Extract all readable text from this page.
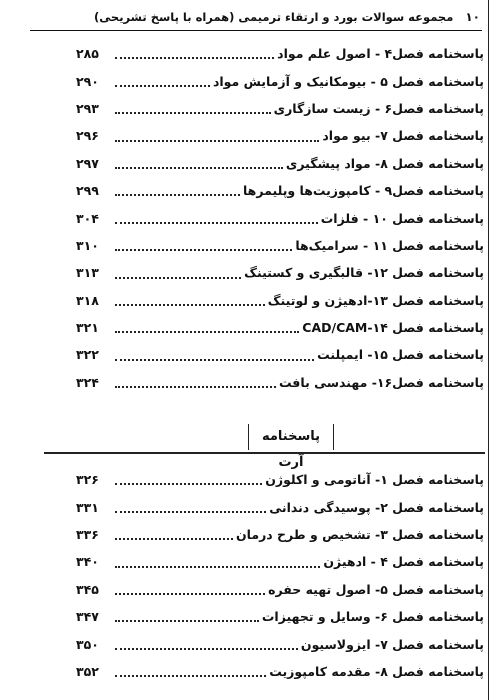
۱۰
مجموعه سوالات بورد و ارتقاء ترمیمی (همراه با پاسخ تشریحی)
پاسخنامه فصل۴ - اصول علم مواد
۲۸۵
پاسخنامه فصل ۵ - بیومکانیک و آزمایش مواد
۲۹۰
پاسخنامه فصل۶ - زیست سازگاری
۲۹۳
پاسخنامه فصل ۷- بیو مواد
۲۹۶
پاسخنامه فصل ۸- مواد پیشگیری
۲۹۷
پاسخنامه فصل۹ - کامپوزیت‌ها وپلیمرها
۲۹۹
پاسخنامه فصل ۱۰ - فلزات
۳۰۴
پاسخنامه فصل ۱۱ - سرامیک‌ها
۳۱۰
پاسخنامه فصل ۱۲- قالبگیری و کستینگ
۳۱۳
پاسخنامه فصل ۱۳-ادهیژن و لوتینگ
۳۱۸
پاسخنامه فصل CAD/CAM-۱۴
۳۲۱
پاسخنامه فصل ۱۵- ایمپلنت
۳۲۲
پاسخنامه فصل۱۶- مهندسی بافت
۳۲۴
پاسخنامه آرت
پاسخنامه فصل ۱- آناتومی و اکلوژن
۳۲۶
پاسخنامه فصل ۲- پوسیدگی دندانی
۳۳۱
پاسخنامه فصل ۳- تشخیص و طرح درمان
۳۳۶
پاسخنامه فصل ۴ - ادهیژن
۳۴۰
پاسخنامه فصل ۵- اصول تهیه حفره
۳۴۵
پاسخنامه فصل ۶- وسایل و تجهیزات
۳۴۷
پاسخنامه فصل ۷- ایزولاسیون
۳۵۰
پاسخنامه فصل ۸- مقدمه کامپوزیت
۳۵۲
